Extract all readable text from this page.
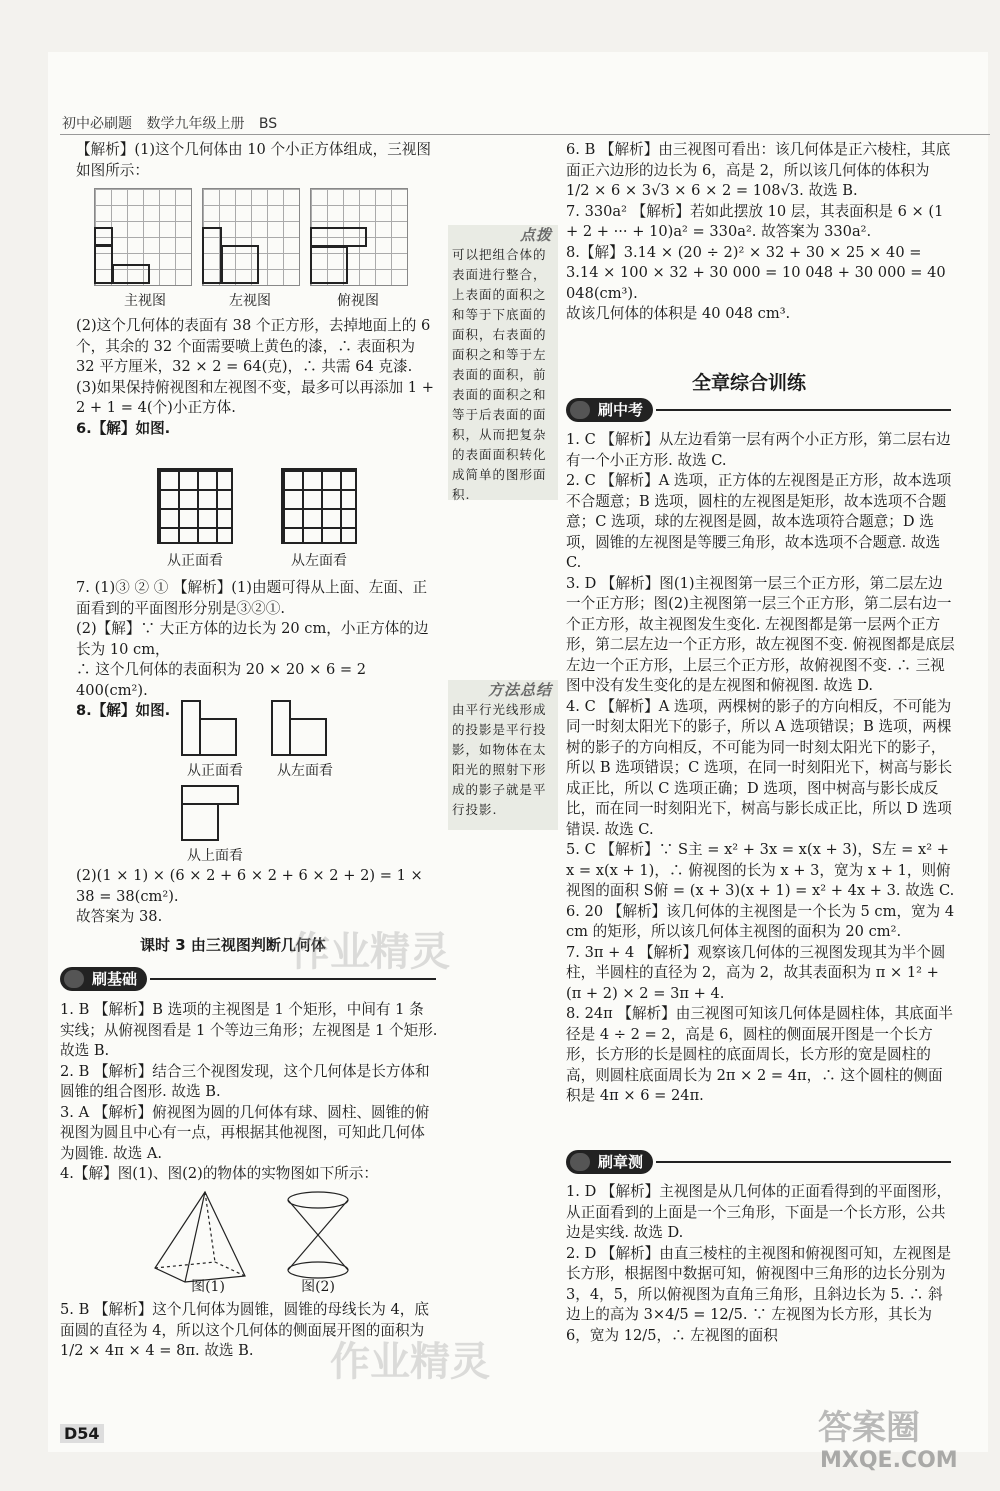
初中必刷题 数学九年级上册 BS

【解析】(1)这个几何体由 10 个小正方体组成，三视图如图所示：

主视图	左视图	俯视图

(2)这个几何体的表面有 38 个正方形，去掉地面上的 6 个，其余的 32 个面需要喷上黄色的漆，∴ 表面积为 32 平方厘米，32 × 2 = 64(克)，∴ 共需 64 克漆.

(3)如果保持俯视图和左视图不变，最多可以再添加 1 + 2 + 1 = 4(个)小正方体.

6.【解】如图.

从正面看	从左面看

7. (1)③ ② ① 【解析】(1)由题可得从上面、左面、正面看到的平面图形分别是③②①.

(2)【解】∵ 大正方体的边长为 20 cm，小正方体的边长为 10 cm，

∴ 这个几何体的表面积为 20 × 20 × 6 = 2 400(cm²).

8.【解】如图.

从正面看	从左面看
从上面看

(2)(1 × 1) × (6 × 2 + 6 × 2 + 6 × 2 + 2) = 1 × 38 = 38(cm²).

故答案为 38.

课时 3 由三视图判断几何体
刷基础

1. B 【解析】B 选项的主视图是 1 个矩形，中间有 1 条实线；从俯视图看是 1 个等边三角形；左视图是 1 个矩形. 故选 B.

2. B 【解析】结合三个视图发现，这个几何体是长方体和圆锥的组合图形. 故选 B.

3. A 【解析】俯视图为圆的几何体有球、圆柱、圆锥的俯视图为圆且中心有一点，再根据其他视图，可知此几何体为圆锥. 故选 A.

4.【解】图(1)、图(2)的物体的实物图如下所示：

图(1)	图(2)

5. B 【解析】这个几何体为圆锥，圆锥的母线长为 4，底面圆的直径为 4，所以这个几何体的侧面展开图的面积为 1/2 × 4π × 4 = 8π. 故选 B.

点拨
可以把组合体的表面进行整合，上表面的面积之和等于下底面的面积，右表面的面积之和等于左表面的面积，前表面的面积之和等于后表面的面积，从而把复杂的表面面积转化成简单的图形面积.
方法总结
由平行光线形成的投影是平行投影，如物体在太阳光的照射下形成的影子就是平行投影.

6. B 【解析】由三视图可看出：该几何体是正六棱柱，其底面正六边形的边长为 6，高是 2，所以该几何体的体积为 1/2 × 6 × 3√3 × 6 × 2 = 108√3. 故选 B.

7. 330a² 【解析】若如此摆放 10 层，其表面积是 6 × (1 + 2 + ··· + 10)a² = 330a². 故答案为 330a².

8.【解】3.14 × (20 ÷ 2)² × 32 + 30 × 25 × 40 = 3.14 × 100 × 32 + 30 000 = 10 048 + 30 000 = 40 048(cm³).

故该几何体的体积是 40 048 cm³.

全章综合训练
刷中考

1. C 【解析】从左边看第一层有两个小正方形，第二层右边有一个小正方形. 故选 C.

2. C 【解析】A 选项，正方体的左视图是正方形，故本选项不合题意；B 选项，圆柱的左视图是矩形，故本选项不合题意；C 选项，球的左视图是圆，故本选项符合题意；D 选项，圆锥的左视图是等腰三角形，故本选项不合题意. 故选 C.

3. D 【解析】图(1)主视图第一层三个正方形，第二层左边一个正方形；图(2)主视图第一层三个正方形，第二层右边一个正方形，故主视图发生变化. 左视图都是第一层两个正方形，第二层左边一个正方形，故左视图不变. 俯视图都是底层左边一个正方形，上层三个正方形，故俯视图不变. ∴ 三视图中没有发生变化的是左视图和俯视图. 故选 D.

4. C 【解析】A 选项，两棵树的影子的方向相反，不可能为同一时刻太阳光下的影子，所以 A 选项错误；B 选项，两棵树的影子的方向相反，不可能为同一时刻太阳光下的影子，所以 B 选项错误；C 选项，在同一时刻阳光下，树高与影长成正比，所以 C 选项正确；D 选项，图中树高与影长成反比，而在同一时刻阳光下，树高与影长成正比，所以 D 选项错误. 故选 C.

5. C 【解析】∵ S主 = x² + 3x = x(x + 3)，S左 = x² + x = x(x + 1)，∴ 俯视图的长为 x + 3，宽为 x + 1，则俯视图的面积 S俯 = (x + 3)(x + 1) = x² + 4x + 3. 故选 C.

6. 20 【解析】该几何体的主视图是一个长为 5 cm，宽为 4 cm 的矩形，所以该几何体主视图的面积为 20 cm².

7. 3π + 4 【解析】观察该几何体的三视图发现其为半个圆柱，半圆柱的直径为 2，高为 2，故其表面积为 π × 1² + (π + 2) × 2 = 3π + 4.

8. 24π 【解析】由三视图可知该几何体是圆柱体，其底面半径是 4 ÷ 2 = 2，高是 6，圆柱的侧面展开图是一个长方形，长方形的长是圆柱的底面周长，长方形的宽是圆柱的高，则圆柱底面周长为 2π × 2 = 4π，∴ 这个圆柱的侧面积是 4π × 6 = 24π.

刷章测

1. D 【解析】主视图是从几何体的正面看得到的平面图形，从正面看到的上面是一个三角形，下面是一个长方形，公共边是实线. 故选 D.

2. D 【解析】由直三棱柱的主视图和俯视图可知，左视图是长方形，根据图中数据可知，俯视图中三角形的边长分别为 3，4，5，所以俯视图为直角三角形，且斜边长为 5. ∴ 斜边上的高为 3×4/5 = 12/5. ∵ 左视图为长方形，其长为 6，宽为 12/5，∴ 左视图的面积

D54
作业精灵
作业精灵
答案圈
MXQE.COM
